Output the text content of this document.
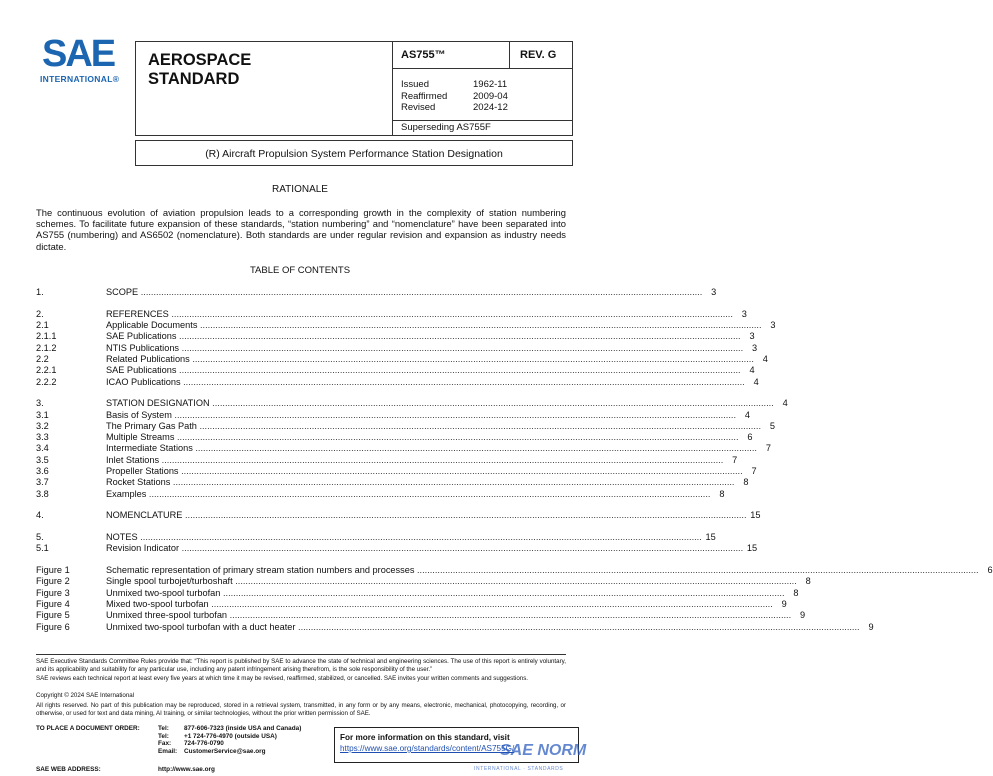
SAE
INTERNATIONAL®
AEROSPACE
STANDARD
AS755™	REV. G
Issued	1962-11
Reaffirmed	2009-04
Revised	2024-12
Superseding AS755F
(R) Aircraft Propulsion System Performance Station Designation
RATIONALE
The continuous evolution of aviation propulsion leads to a corresponding growth in the complexity of station numbering schemes. To facilitate future expansion of these standards, “station numbering” and “nomenclature” have been separated into AS755 (numbering) and AS6502 (nomenclature). Both standards are under regular revision and expansion as industry needs dictate.
TABLE OF CONTENTS
1.	SCOPE ............................................................................................................................................................................................................................ 3
2.	REFERENCES ............................................................................................................................................................................................................................ 3
2.1	Applicable Documents ............................................................................................................................................................................................................................ 3
2.1.1	SAE Publications ............................................................................................................................................................................................................................ 3
2.1.2	NTIS Publications ............................................................................................................................................................................................................................ 3
2.2	Related Publications ............................................................................................................................................................................................................................ 4
2.2.1	SAE Publications ............................................................................................................................................................................................................................ 4
2.2.2	ICAO Publications ............................................................................................................................................................................................................................ 4
3.	STATION DESIGNATION ............................................................................................................................................................................................................................ 4
3.1	Basis of System ............................................................................................................................................................................................................................ 4
3.2	The Primary Gas Path ............................................................................................................................................................................................................................ 5
3.3	Multiple Streams ............................................................................................................................................................................................................................ 6
3.4	Intermediate Stations ............................................................................................................................................................................................................................ 7
3.5	Inlet Stations ............................................................................................................................................................................................................................ 7
3.6	Propeller Stations ............................................................................................................................................................................................................................ 7
3.7	Rocket Stations ............................................................................................................................................................................................................................ 8
3.8	Examples ............................................................................................................................................................................................................................ 8
4.	NOMENCLATURE ............................................................................................................................................................................................................................ 15
5.	NOTES ............................................................................................................................................................................................................................ 15
5.1	Revision Indicator ............................................................................................................................................................................................................................ 15
Figure 1	Schematic representation of primary stream station numbers and processes ............................................................................................................................................................................................................................ 6
Figure 2	Single spool turbojet/turboshaft ............................................................................................................................................................................................................................ 8
Figure 3	Unmixed two-spool turbofan ............................................................................................................................................................................................................................ 8
Figure 4	Mixed two-spool turbofan ............................................................................................................................................................................................................................ 9
Figure 5	Unmixed three-spool turbofan ............................................................................................................................................................................................................................ 9
Figure 6	Unmixed two-spool turbofan with a duct heater ............................................................................................................................................................................................................................ 9
SAE Executive Standards Committee Rules provide that: “This report is published by SAE to advance the state of technical and engineering sciences. The use of this report is entirely voluntary, and its applicability and suitability for any particular use, including any patent infringement arising therefrom, is the sole responsibility of the user.”
SAE reviews each technical report at least every five years at which time it may be revised, reaffirmed, stabilized, or cancelled. SAE invites your written comments and suggestions.
Copyright © 2024 SAE International
All rights reserved. No part of this publication may be reproduced, stored in a retrieval system, transmitted, in any form or by any means, electronic, mechanical, photocopying, recording, or otherwise, or used for text and data mining, AI training, or similar technologies, without the prior written permission of SAE.
TO PLACE A DOCUMENT ORDER:	Tel:	877-606-7323 (inside USA and Canada)
Tel:	+1 724-776-4970 (outside USA)
Fax:	724-776-0790
Email:	CustomerService@sae.org
SAE WEB ADDRESS:	http://www.sae.org
For more information on this standard, visit
https://www.sae.org/standards/content/AS755G/
SAE NORM
INTERNATIONAL · STANDARDS
